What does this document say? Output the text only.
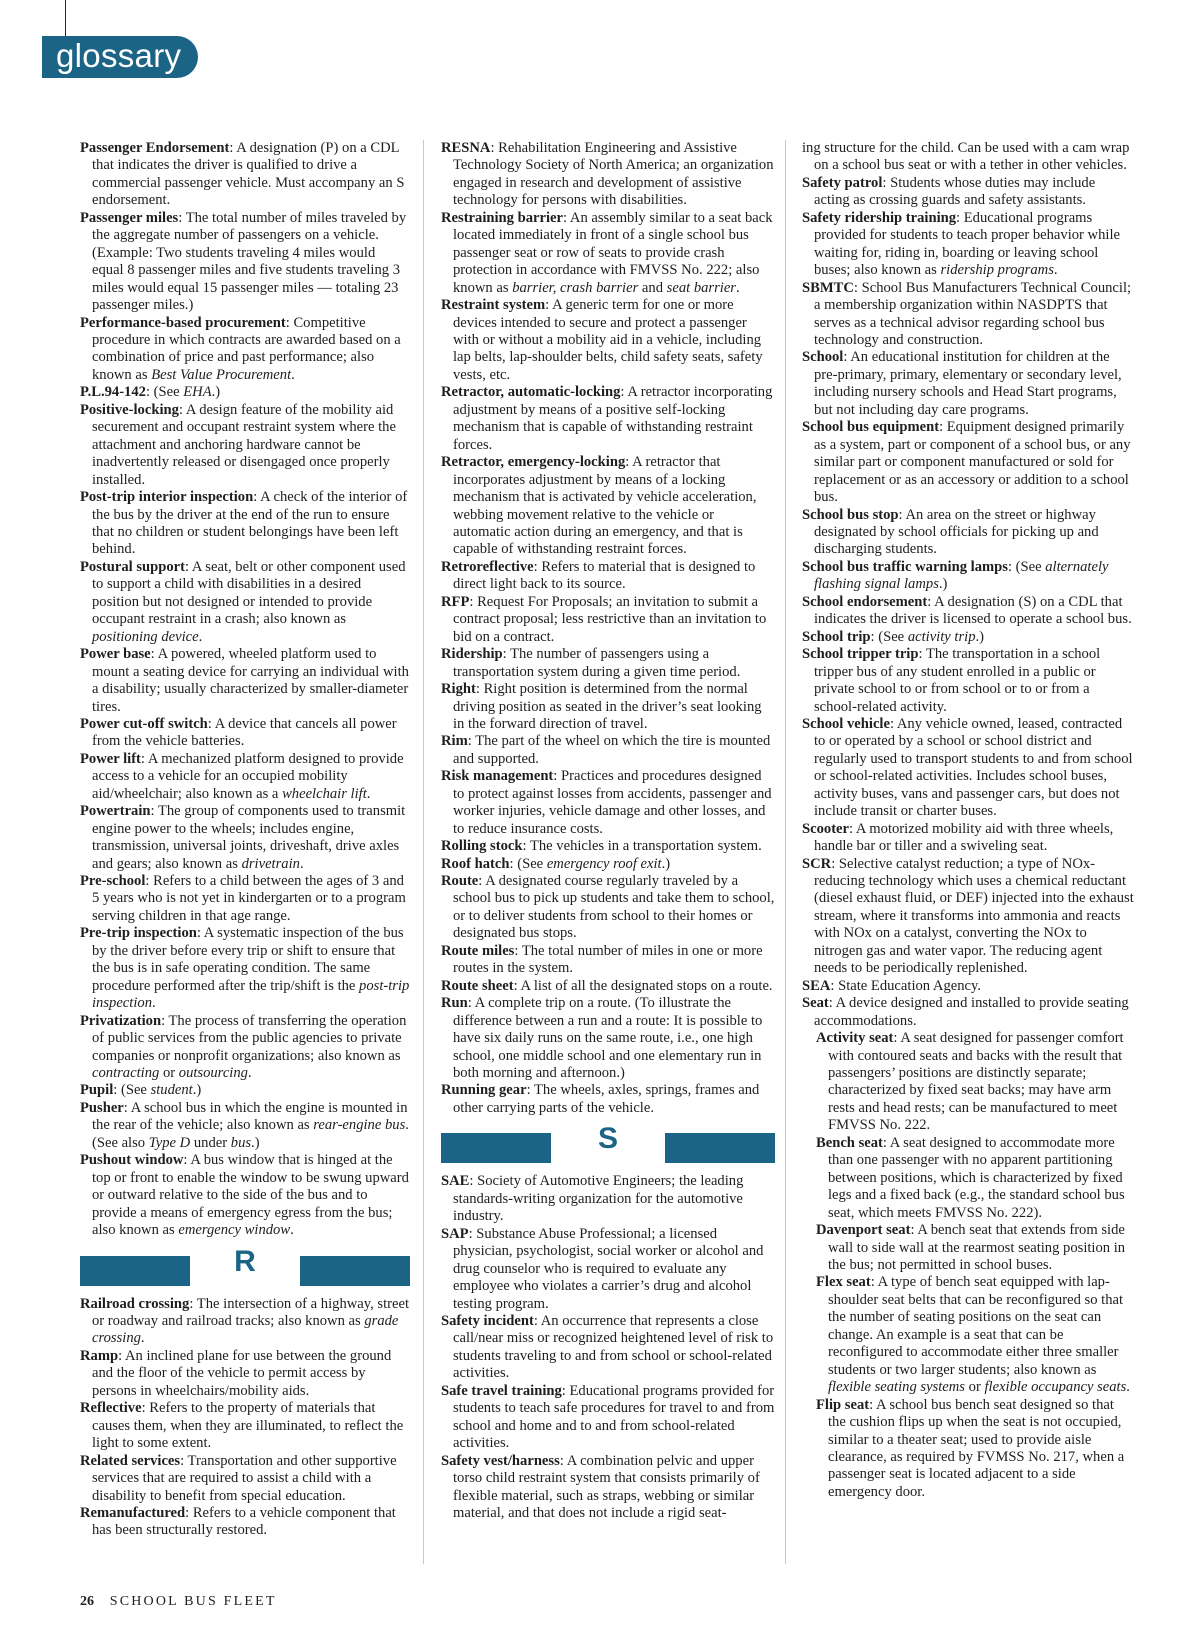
glossary
Passenger Endorsement: A designation (P) on a CDL that indicates the driver is qualified to drive a commercial passenger vehicle. Must accompany an S endorsement.
Passenger miles: The total number of miles traveled by the aggregate number of passengers on a vehicle. (Example: Two students traveling 4 miles would equal 8 passenger miles and five students traveling 3 miles would equal 15 passenger miles — totaling 23 passenger miles.)
Performance-based procurement: Competitive procedure in which contracts are awarded based on a combination of price and past performance; also known as Best Value Procurement.
P.L.94-142: (See EHA.)
Positive-locking: A design feature of the mobility aid securement and occupant restraint system where the attachment and anchoring hardware cannot be inadvertently released or disengaged once properly installed.
Post-trip interior inspection: A check of the interior of the bus by the driver at the end of the run to ensure that no children or student belongings have been left behind.
Postural support: A seat, belt or other component used to support a child with disabilities in a desired position but not designed or intended to provide occupant restraint in a crash; also known as positioning device.
Power base: A powered, wheeled platform used to mount a seating device for carrying an individual with a disability; usually characterized by smaller-diameter tires.
Power cut-off switch: A device that cancels all power from the vehicle batteries.
Power lift: A mechanized platform designed to provide access to a vehicle for an occupied mobility aid/wheelchair; also known as a wheelchair lift.
Powertrain: The group of components used to transmit engine power to the wheels; includes engine, transmission, universal joints, driveshaft, drive axles and gears; also known as drivetrain.
Pre-school: Refers to a child between the ages of 3 and 5 years who is not yet in kindergarten or to a program serving children in that age range.
Pre-trip inspection: A systematic inspection of the bus by the driver before every trip or shift to ensure that the bus is in safe operating condition. The same procedure performed after the trip/shift is the post-trip inspection.
Privatization: The process of transferring the operation of public services from the public agencies to private companies or nonprofit organizations; also known as contracting or outsourcing.
Pupil: (See student.)
Pusher: A school bus in which the engine is mounted in the rear of the vehicle; also known as rear-engine bus. (See also Type D under bus.)
Pushout window: A bus window that is hinged at the top or front to enable the window to be swung upward or outward relative to the side of the bus and to provide a means of emergency egress from the bus; also known as emergency window.
R
Railroad crossing: The intersection of a highway, street or roadway and railroad tracks; also known as grade crossing.
Ramp: An inclined plane for use between the ground and the floor of the vehicle to permit access by persons in wheelchairs/mobility aids.
Reflective: Refers to the property of materials that causes them, when they are illuminated, to reflect the light to some extent.
Related services: Transportation and other supportive services that are required to assist a child with a disability to benefit from special education.
Remanufactured: Refers to a vehicle component that has been structurally restored.
RESNA: Rehabilitation Engineering and Assistive Technology Society of North America; an organization engaged in research and development of assistive technology for persons with disabilities.
Restraining barrier: An assembly similar to a seat back located immediately in front of a single school bus passenger seat or row of seats to provide crash protection in accordance with FMVSS No. 222; also known as barrier, crash barrier and seat barrier.
Restraint system: A generic term for one or more devices intended to secure and protect a passenger with or without a mobility aid in a vehicle, including lap belts, lap-shoulder belts, child safety seats, safety vests, etc.
Retractor, automatic-locking: A retractor incorporating adjustment by means of a positive self-locking mechanism that is capable of withstanding restraint forces.
Retractor, emergency-locking: A retractor that incorporates adjustment by means of a locking mechanism that is activated by vehicle acceleration, webbing movement relative to the vehicle or automatic action during an emergency, and that is capable of withstanding restraint forces.
Retroreflective: Refers to material that is designed to direct light back to its source.
RFP: Request For Proposals; an invitation to submit a contract proposal; less restrictive than an invitation to bid on a contract.
Ridership: The number of passengers using a transportation system during a given time period.
Right: Right position is determined from the normal driving position as seated in the driver’s seat looking in the forward direction of travel.
Rim: The part of the wheel on which the tire is mounted and supported.
Risk management: Practices and procedures designed to protect against losses from accidents, passenger and worker injuries, vehicle damage and other losses, and to reduce insurance costs.
Rolling stock: The vehicles in a transportation system.
Roof hatch: (See emergency roof exit.)
Route: A designated course regularly traveled by a school bus to pick up students and take them to school, or to deliver students from school to their homes or designated bus stops.
Route miles: The total number of miles in one or more routes in the system.
Route sheet: A list of all the designated stops on a route.
Run: A complete trip on a route. (To illustrate the difference between a run and a route: It is possible to have six daily runs on the same route, i.e., one high school, one middle school and one elementary run in both morning and afternoon.)
Running gear: The wheels, axles, springs, frames and other carrying parts of the vehicle.
S
SAE: Society of Automotive Engineers; the leading standards-writing organization for the automotive industry.
SAP: Substance Abuse Professional; a licensed physician, psychologist, social worker or alcohol and drug counselor who is required to evaluate any employee who violates a carrier’s drug and alcohol testing program.
Safety incident: An occurrence that represents a close call/near miss or recognized heightened level of risk to students traveling to and from school or school-related activities.
Safe travel training: Educational programs provided for students to teach safe procedures for travel to and from school and home and to and from school-related activities.
Safety vest/harness: A combination pelvic and upper torso child restraint system that consists primarily of flexible material, such as straps, webbing or similar material, and that does not include a rigid seat-
ing structure for the child. Can be used with a cam wrap on a school bus seat or with a tether in other vehicles.
Safety patrol: Students whose duties may include acting as crossing guards and safety assistants.
Safety ridership training: Educational programs provided for students to teach proper behavior while waiting for, riding in, boarding or leaving school buses; also known as ridership programs.
SBMTC: School Bus Manufacturers Technical Council; a membership organization within NASDPTS that serves as a technical advisor regarding school bus technology and construction.
School: An educational institution for children at the pre-primary, primary, elementary or secondary level, including nursery schools and Head Start programs, but not including day care programs.
School bus equipment: Equipment designed primarily as a system, part or component of a school bus, or any similar part or component manufactured or sold for replacement or as an accessory or addition to a school bus.
School bus stop: An area on the street or highway designated by school officials for picking up and discharging students.
School bus traffic warning lamps: (See alternately flashing signal lamps.)
School endorsement: A designation (S) on a CDL that indicates the driver is licensed to operate a school bus.
School trip: (See activity trip.)
School tripper trip: The transportation in a school tripper bus of any student enrolled in a public or private school to or from school or to or from a school-related activity.
School vehicle: Any vehicle owned, leased, contracted to or operated by a school or school district and regularly used to transport students to and from school or school-related activities. Includes school buses, activity buses, vans and passenger cars, but does not include transit or charter buses.
Scooter: A motorized mobility aid with three wheels, handle bar or tiller and a swiveling seat.
SCR: Selective catalyst reduction; a type of NOx-reducing technology which uses a chemical reductant (diesel exhaust fluid, or DEF) injected into the exhaust stream, where it transforms into ammonia and reacts with NOx on a catalyst, converting the NOx to nitrogen gas and water vapor. The reducing agent needs to be periodically replenished.
SEA: State Education Agency.
Seat: A device designed and installed to provide seating accommodations.
Activity seat: A seat designed for passenger comfort with contoured seats and backs with the result that passengers’ positions are distinctly separate; characterized by fixed seat backs; may have arm rests and head rests; can be manufactured to meet FMVSS No. 222.
Bench seat: A seat designed to accommodate more than one passenger with no apparent partitioning between positions, which is characterized by fixed legs and a fixed back (e.g., the standard school bus seat, which meets FMVSS No. 222).
Davenport seat: A bench seat that extends from side wall to side wall at the rearmost seating position in the bus; not permitted in school buses.
Flex seat: A type of bench seat equipped with lap-shoulder seat belts that can be reconfigured so that the number of seating positions on the seat can change. An example is a seat that can be reconfigured to accommodate either three smaller students or two larger students; also known as flexible seating systems or flexible occupancy seats.
Flip seat: A school bus bench seat designed so that the cushion flips up when the seat is not occupied, similar to a theater seat; used to provide aisle clearance, as required by FVMSS No. 217, when a passenger seat is located adjacent to a side emergency door.
26 SCHOOL BUS FLEET
